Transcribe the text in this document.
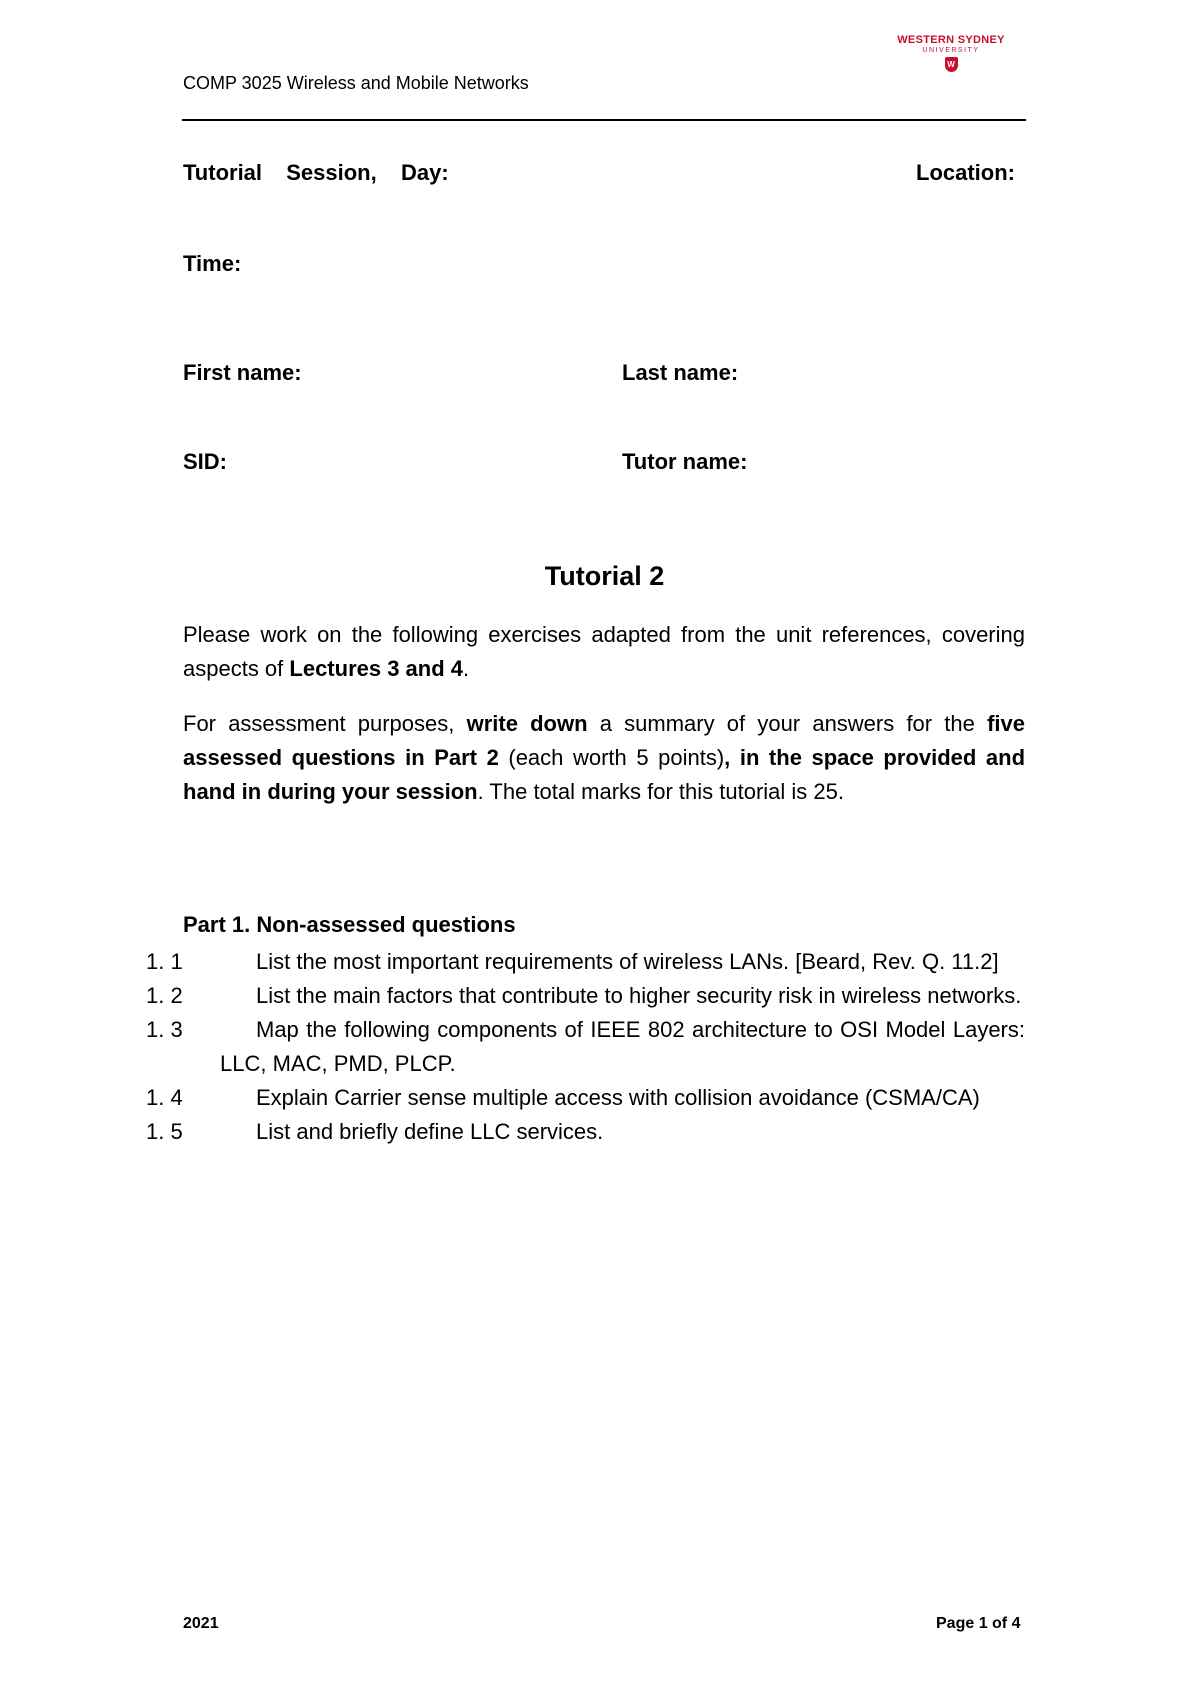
COMP 3025 Wireless and Mobile Networks
WESTERN SYDNEY
UNIVERSITY
W
Tutorial  Session,  Day:	Location:
Time:
First name:	Last name:
SID:	Tutor name:
Tutorial 2
Please work on the following exercises adapted from the unit references, covering aspects of Lectures 3 and 4.
For assessment purposes, write down a summary of your answers for the five assessed questions in Part 2 (each worth 5 points), in the space provided and hand in during your session. The total marks for this tutorial is 25.
Part 1. Non-assessed questions
1. 1	List the most important requirements of wireless LANs. [Beard, Rev. Q. 11.2]
1. 2	List the main factors that contribute to higher security risk in wireless networks.
1. 3	Map the following components of IEEE 802 architecture to OSI Model Layers: LLC, MAC, PMD, PLCP.
1. 4	Explain Carrier sense multiple access with collision avoidance (CSMA/CA)
1. 5	List and briefly define LLC services.
2021	Page 1 of 4
